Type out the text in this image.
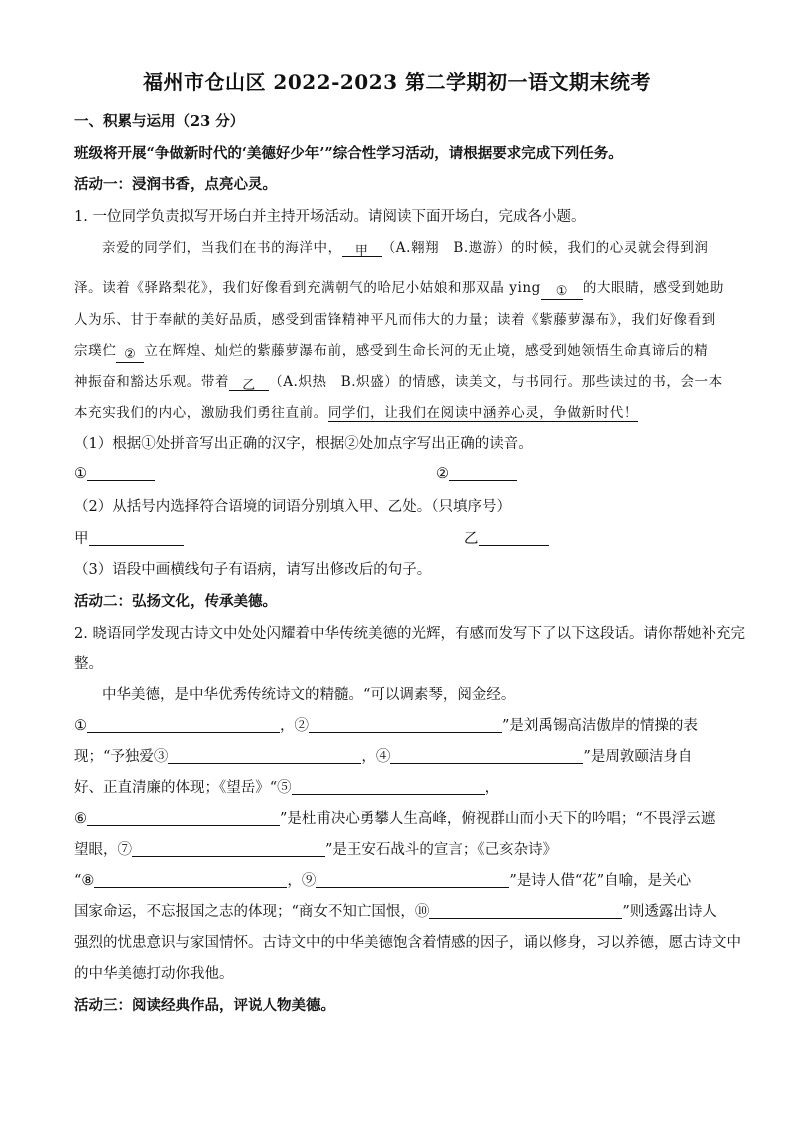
福州市仓山区 2022-2023 第二学期初一语文期末统考
一、积累与运用（23 分）
班级将开展“争做新时代的‘美德好少年’”综合性学习活动，请根据要求完成下列任务。
活动一：浸润书香，点亮心灵。
1. 一位同学负责拟写开场白并主持开场活动。请阅读下面开场白，完成各小题。
亲爱的同学们，当我们在书的海洋中， 甲 （A.翱翔　B.遨游）的时候，我们的心灵就会得到润
泽。读着《驿路梨花》，我们好像看到充满朝气的哈尼小姑娘和那双晶 ying ① 的大眼睛，感受到她助
人为乐、甘于奉献的美好品质，感受到雷锋精神平凡而伟大的力量；读着《紫藤萝瀑布》，我们好像看到
宗璞伫 ② 立在辉煌、灿烂的紫藤萝瀑布前，感受到生命长河的无止境，感受到她领悟生命真谛后的精
神振奋和豁达乐观。带着 乙 （A.炽热　B.炽盛）的情感，读美文，与书同行。那些读过的书，会一本
本充实我们的内心，激励我们勇往直前。同学们，让我们在阅读中涵养心灵，争做新时代！
（1）根据①处拼音写出正确的汉字，根据②处加点字写出正确的读音。
①	②
（2）从括号内选择符合语境的词语分别填入甲、乙处。（只填序号）
甲	乙
（3）语段中画横线句子有语病，请写出修改后的句子。
活动二：弘扬文化，传承美德。
2. 晓语同学发现古诗文中处处闪耀着中华传统美德的光辉，有感而发写下了以下这段话。请你帮她补充完
整。
中华美德，是中华优秀传统诗文的精髓。“可以调素琴，阅金经。
①	，②	”是刘禹锡高洁傲岸的情操的表
现；“予独爱③	，④	”是周敦颐洁身自
好、正直清廉的体现；《望岳》“⑤	，
⑥	”是杜甫决心勇攀人生高峰，俯视群山而小天下的吟唱；“不畏浮云遮
望眼，⑦	”是王安石战斗的宣言；《己亥杂诗》
“⑧	，⑨	”是诗人借“花”自喻，是关心
国家命运，不忘报国之志的体现；“商女不知亡国恨，⑩	”则透露出诗人
强烈的忧患意识与家国情怀。古诗文中的中华美德饱含着情感的因子，诵以修身，习以养德，愿古诗文中
的中华美德打动你我他。
活动三：阅读经典作品，评说人物美德。
